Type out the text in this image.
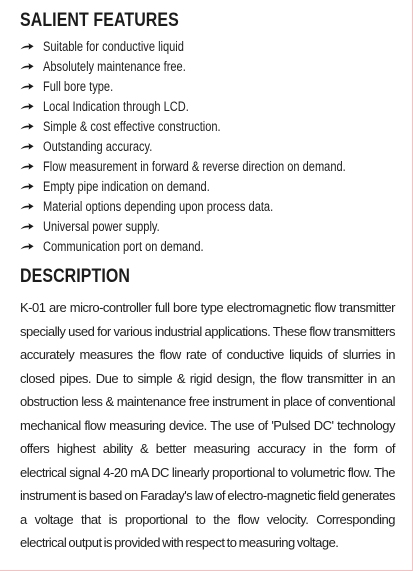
SALIENT FEATURES
Suitable for conductive liquid
Absolutely maintenance free.
Full bore type.
Local Indication through LCD.
Simple & cost effective construction.
Outstanding accuracy.
Flow measurement in forward & reverse direction on demand.
Empty pipe indication on demand.
Material options depending upon process data.
Universal power supply.
Communication port on demand.
DESCRIPTION
K-01 are micro-controller full bore type electromagnetic flow transmitter
specially used for various industrial applications. These flow transmitters
accurately measures the flow rate of conductive liquids of slurries in
closed pipes. Due to simple & rigid design, the flow transmitter in an
obstruction less & maintenance free instrument in place of conventional
mechanical flow measuring device. The use of 'Pulsed DC' technology
offers highest ability & better measuring accuracy in the form of
electrical signal 4-20 mA DC linearly proportional to volumetric flow. The
instrument is based on Faraday's law of electro-magnetic field generates
a voltage that is proportional to the flow velocity. Corresponding
electrical output is provided with respect to measuring voltage.
